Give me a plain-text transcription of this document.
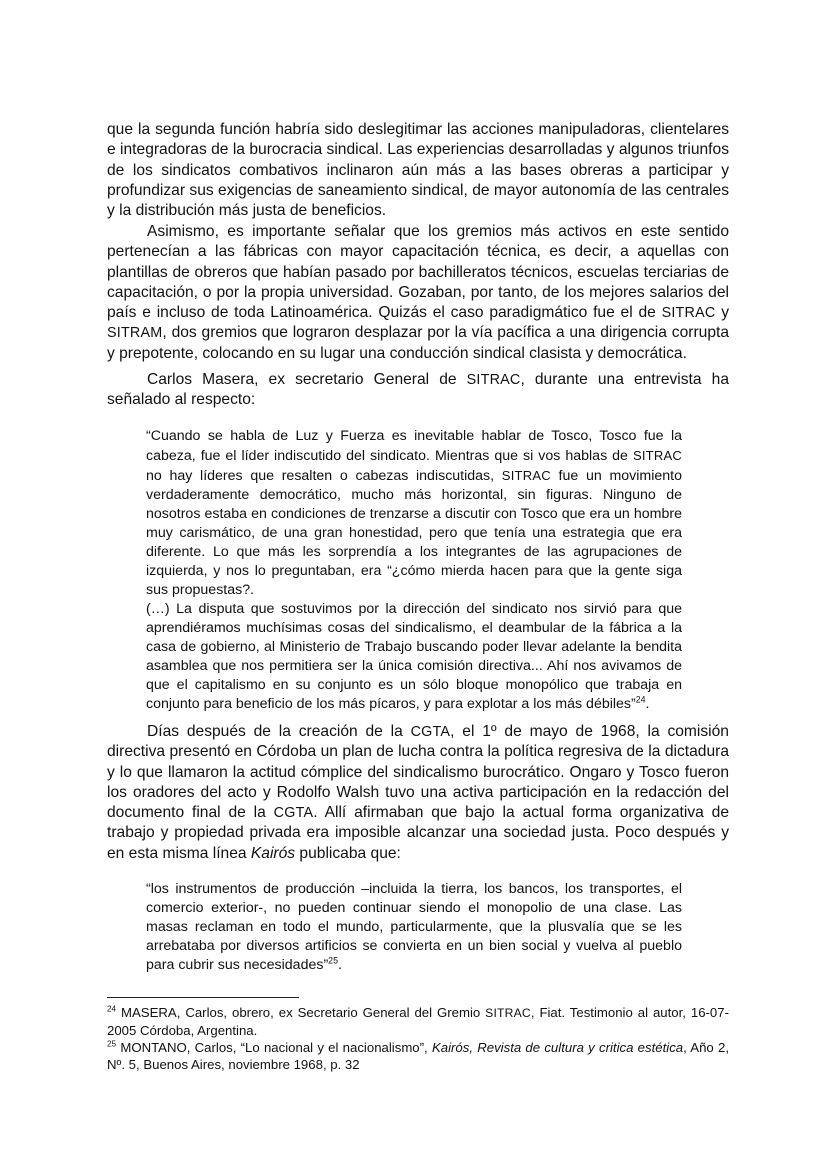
que la segunda función habría sido deslegitimar las acciones manipuladoras, clientelares e integradoras de la burocracia sindical. Las experiencias desarrolladas y algunos triunfos de los sindicatos combativos inclinaron aún más a las bases obreras a participar y profundizar sus exigencias de saneamiento sindical, de mayor autonomía de las centrales y la distribución más justa de beneficios.

Asimismo, es importante señalar que los gremios más activos en este sentido pertenecían a las fábricas con mayor capacitación técnica, es decir, a aquellas con plantillas de obreros que habían pasado por bachilleratos técnicos, escuelas terciarias de capacitación, o por la propia universidad. Gozaban, por tanto, de los mejores salarios del país e incluso de toda Latinoamérica. Quizás el caso paradigmático fue el de SITRAC y SITRAM, dos gremios que lograron desplazar por la vía pacífica a una dirigencia corrupta y prepotente, colocando en su lugar una conducción sindical clasista y democrática.

Carlos Masera, ex secretario General de SITRAC, durante una entrevista ha señalado al respecto:

“Cuando se habla de Luz y Fuerza es inevitable hablar de Tosco, Tosco fue la cabeza, fue el líder indiscutido del sindicato. Mientras que si vos hablas de SITRAC no hay líderes que resalten o cabezas indiscutidas, SITRAC fue un movimiento verdaderamente democrático, mucho más horizontal, sin figuras. Ninguno de nosotros estaba en condiciones de trenzarse a discutir con Tosco que era un hombre muy carismático, de una gran honestidad, pero que tenía una estrategia que era diferente. Lo que más les sorprendía a los integrantes de las agrupaciones de izquierda, y nos lo preguntaban, era “¿cómo mierda hacen para que la gente siga sus propuestas?.

(…) La disputa que sostuvimos por la dirección del sindicato nos sirvió para que aprendiéramos muchísimas cosas del sindicalismo, el deambular de la fábrica a la casa de gobierno, al Ministerio de Trabajo buscando poder llevar adelante la bendita asamblea que nos permitiera ser la única comisión directiva... Ahí nos avivamos de que el capitalismo en su conjunto es un sólo bloque monopólico que trabaja en conjunto para beneficio de los más pícaros, y para explotar a los más débiles”$^{24}$.

Días después de la creación de la CGTA, el 1º de mayo de 1968, la comisión directiva presentó en Córdoba un plan de lucha contra la política regresiva de la dictadura y lo que llamaron la actitud cómplice del sindicalismo burocrático. Ongaro y Tosco fueron los oradores del acto y Rodolfo Walsh tuvo una activa participación en la redacción del documento final de la CGTA. Allí afirmaban que bajo la actual forma organizativa de trabajo y propiedad privada era imposible alcanzar una sociedad justa. Poco después y en esta misma línea Kairós publicaba que:

“los instrumentos de producción –incluida la tierra, los bancos, los transportes, el comercio exterior-, no pueden continuar siendo el monopolio de una clase. Las masas reclaman en todo el mundo, particularmente, que la plusvalía que se les arrebataba por diversos artificios se convierta en un bien social y vuelva al pueblo para cubrir sus necesidades”$^{25}$.

$^{24}$ MASERA, Carlos, obrero, ex Secretario General del Gremio SITRAC, Fiat. Testimonio al autor, 16-07-2005 Córdoba, Argentina.

$^{25}$ MONTANO, Carlos, “Lo nacional y el nacionalismo”, Kairós, Revista de cultura y critica estética, Año 2, Nº. 5, Buenos Aires, noviembre 1968, p. 32
